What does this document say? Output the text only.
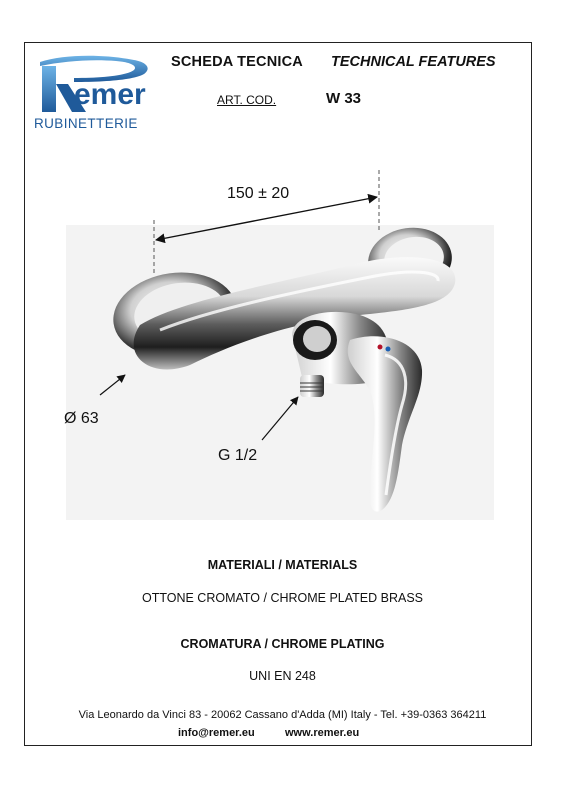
emer
RUBINETTERIE
SCHEDA TECNICA TECHNICAL FEATURES
ART. COD.	W 33
150 ± 20
Ø 63
G 1/2
MATERIALI / MATERIALS
OTTONE CROMATO / CHROME PLATED BRASS
CROMATURA / CHROME PLATING
UNI EN 248
Via Leonardo da Vinci 83 - 20062 Cassano d'Adda (MI) Italy - Tel. +39-0363 364211
info@remer.eu	www.remer.eu
